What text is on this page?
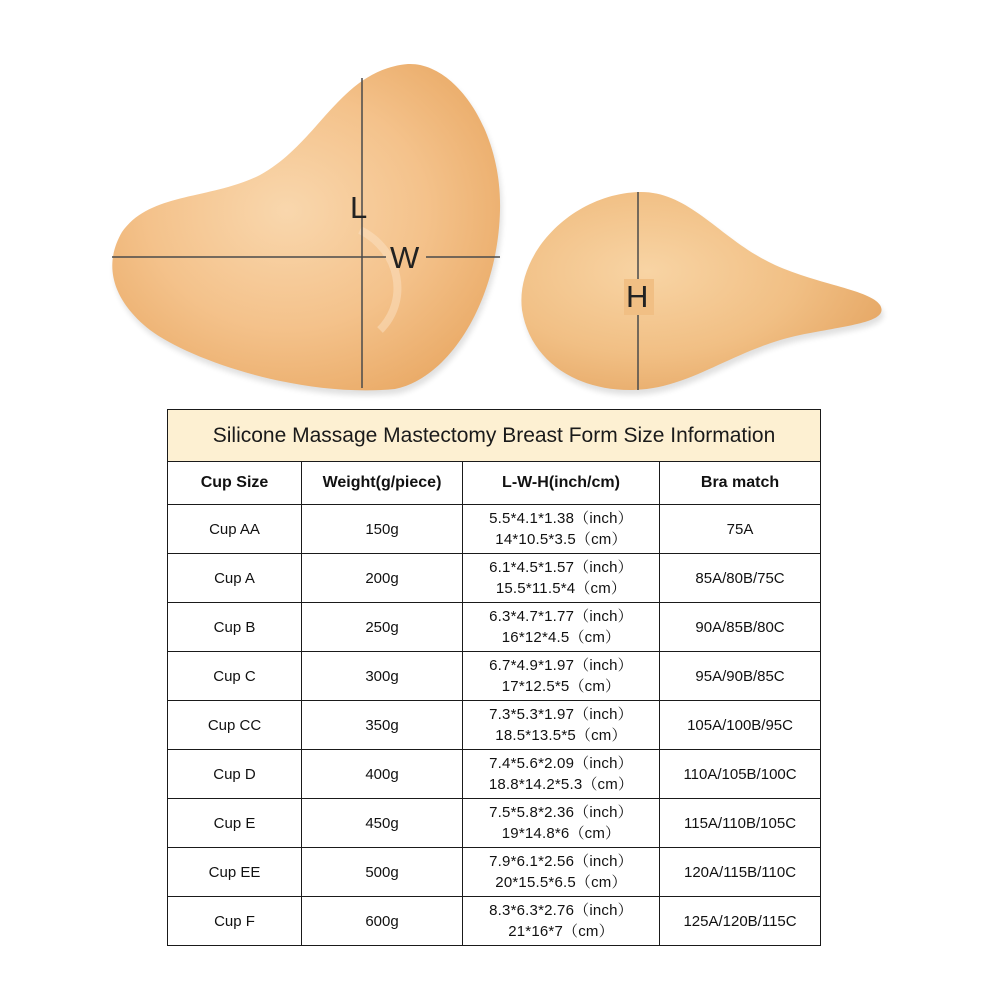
L
W
H
Silicone Massage Mastectomy Breast Form Size Information			
Cup Size	Weight(g/piece)	L-W-H(inch/cm)	Bra match
Cup AA	150g	5.5*4.1*1.38（inch）
14*10.5*3.5（cm）	75A
Cup A	200g	6.1*4.5*1.57（inch）
15.5*11.5*4（cm）	85A/80B/75C
Cup B	250g	6.3*4.7*1.77（inch）
16*12*4.5（cm）	90A/85B/80C
Cup C	300g	6.7*4.9*1.97（inch）
17*12.5*5（cm）	95A/90B/85C
Cup CC	350g	7.3*5.3*1.97（inch）
18.5*13.5*5（cm）	105A/100B/95C
Cup D	400g	7.4*5.6*2.09（inch）
18.8*14.2*5.3（cm）	110A/105B/100C
Cup E	450g	7.5*5.8*2.36（inch）
19*14.8*6（cm）	115A/110B/105C
Cup EE	500g	7.9*6.1*2.56（inch）
20*15.5*6.5（cm）	120A/115B/110C
Cup F	600g	8.3*6.3*2.76（inch）
21*16*7（cm）	125A/120B/115C
